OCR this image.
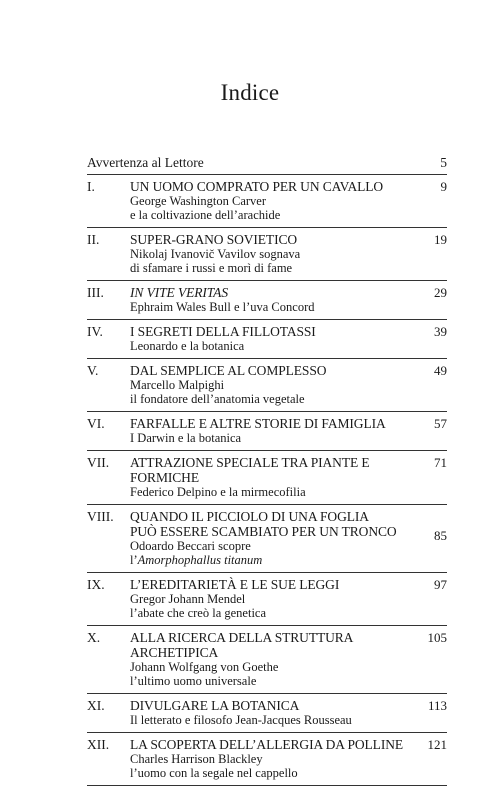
Indice
Avvertenza al Lettore	5
I.	UN UOMO COMPRATO PER UN CAVALLO
George Washington Carver
e la coltivazione dell’arachide
9
II. SUPER-GRANO SOVIETICO
Nikolaj Ivanovič Vavilov sognava
di sfamare i russi e morì di fame
19
III. IN VITE VERITAS
Ephraim Wales Bull e l’uva Concord
29
IV. I SEGRETI DELLA FILLOTASSI
Leonardo e la botanica
39
V. DAL SEMPLICE AL COMPLESSO
Marcello Malpighi
il fondatore dell’anatomia vegetale
49
VI. FARFALLE E ALTRE STORIE DI FAMIGLIA
I Darwin e la botanica
57
VII. ATTRAZIONE SPECIALE TRA PIANTE E FORMICHE
Federico Delpino e la mirmecofilia
71
VIII. QUANDO IL PICCIOLO DI UNA FOGLIA
PUÒ ESSERE SCAMBIATO PER UN TRONCO
Odoardo Beccari scopre
l’Amorphophallus titanum
85
IX. L’EREDITARIETÀ E LE SUE LEGGI
Gregor Johann Mendel
l’abate che creò la genetica
97
X. ALLA RICERCA DELLA STRUTTURA ARCHETIPICA
Johann Wolfgang von Goethe
l’ultimo uomo universale
105
XI. DIVULGARE LA BOTANICA
Il letterato e filosofo Jean-Jacques Rousseau
113
XII. LA SCOPERTA DELL’ALLERGIA DA POLLINE
Charles Harrison Blackley
l’uomo con la segale nel cappello
121
